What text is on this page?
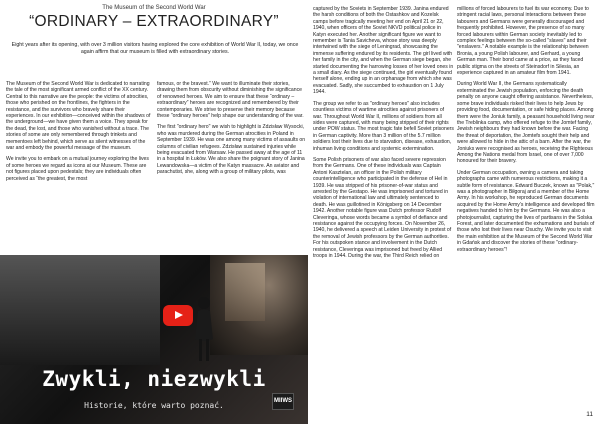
The Museum of the Second World War
“ORDINARY – EXTRAORDINARY”
Eight years after its opening, with over 3 million visitors having explored the core exhibition of World War II, today, we once again affirm that our museum is filled with extraordinary stories.

The Museum of the Second World War is dedicated to narrating the tale of the most significant armed conflict of the XX century. Central to this narrative are the people: the victims of atrocities, those who perished on the frontlines, the fighters in the resistance, and the survivors who bravely share their experiences. In our exhibition—conceived within the shadows of the underground—we have given them a voice. They speak for the dead, the lost, and those who vanished without a trace. The stories of some are only remembered through trinkets and mementoes left behind, which serve as silent witnesses of the war and embody the powerful message of the museum.

We invite you to embark on a mutual journey exploring the lives of some heroes we regard as icons at our Museum. These are not figures placed upon pedestals; they are individuals often perceived as “the greatest, the most

famous, or the bravest.” We want to illuminate their stories, drawing them from obscurity without diminishing the significance of renowned heroes. We aim to ensure that these “ordinary – extraordinary” heroes are recognized and remembered by their contemporaries. We strive to preserve their memory because these "ordinary heroes" help shape our understanding of the war.

The first "ordinary hero" we wish to highlight is Zdzisław Wysocki, who was murdered during the German atrocities in Poland in September 1939. He was one among many victims of assaults on columns of civilian refugees. Zdzisław sustained injuries while being evacuated from Warsaw. He passed away at the age of 11 in a hospital in Łuków. We also share the poignant story of Janina Lewandowska—a victim of the Katyn massacre. An aviator and parachutist, she, along with a group of military pilots, was

captured by the Soviets in September 1939. Janina endured the harsh conditions of both the Ostashkov and Kozelsk camps before tragically meeting her end on April 21 or 22, 1940, when officers of the Soviet NKVD political police in Katyn executed her. Another significant figure we want to remember is Tania Savicheva, whose story was deeply intertwined with the siege of Leningrad, showcasing the immense suffering endured by its residents. The girl lived with her family in the city, and when the German siege began, she started documenting the harrowing losses of her loved ones in a small diary. As the siege continued, the girl eventually found herself alone, ending up in an orphanage from which she was evacuated. Sadly, she succumbed to exhaustion on 1 July 1944.

The group we refer to as "ordinary heroes" also includes countless victims of wartime atrocities against prisoners of war. Throughout World War II, millions of soldiers from all sides were captured, with many being stripped of their rights under POW status. The most tragic fate befell Soviet prisoners in German captivity. More than 3 million of the 5.7 million soldiers lost their lives due to starvation, disease, exhaustion, inhuman living conditions and systemic extermination.

Some Polish prisoners of war also faced severe repression from the Germans. One of these individuals was Captain Antoni Kasztelan, an officer in the Polish military counterintelligence who participated in the defense of Hel in 1939. He was stripped of his prisoner-of-war status and arrested by the Gestapo. He was imprisoned and tortured in violation of international law and ultimately sentenced to death. He was guillotined in Königsberg on 14 December 1942. Another notable figure was Dutch professor Rudolf Cleveringa, whose words became a symbol of defiance and resistance against the occupying forces. On November 26, 1940, he delivered a speech at Leiden University in protest of the removal of Jewish professors by the German authorities. For his outspoken stance and involvement in the Dutch resistance, Cleveringa was imprisoned but freed by Allied troops in 1944. During the war, the Third Reich relied on

millions of forced labourers to fuel its war economy. Due to stringent racial laws, personal interactions between these labourers and Germans were generally discouraged and frequently prohibited. However, the presence of so many forced labourers within German society inevitably led to complex feelings between the so-called "slaves" and their "enslavers." A notable example is the relationship between Bronia, a young Polish labourer, and Gerhard, a young German man. Their bond came at a price, as they faced public stigma on the streets of Steinsdorf in Silesia, an experience captured in an amateur film from 1941.

During World War II, the Germans systematically exterminated the Jewish population, enforcing the death penalty on anyone caught offering assistance. Nevertheless, some brave individuals risked their lives to help Jews by providing food, documentation, or safe hiding places. Among them were the Joniuk family, a peasant household living near the Treblinka camp, who offered refuge to the Jomtef family, Jewish neighbours they had known before the war. Facing the threat of deportation, the Jomtefs sought their help and were allowed to hide in the attic of a barn. After the war, the Joniuks were recognised as heroes, receiving the Righteous Among the Nations medal from Israel, one of over 7,000 honoured for their bravery.

Under German occupation, owning a camera and taking photographs came with numerous restrictions, making it a subtle form of resistance. Edward Buczek, known as "Polak," was a photographer in Biłgoraj and a member of the Home Army. In his workshop, he reproduced German documents acquired by the Home Army's intelligence and developed film negatives handed to him by the Germans. He was also a photojournalist, capturing the lives of partisans in the Solska Forest, and later documented the exhumations and burials of those who lost their lives near Osuchy. We invite you to visit the main exhibition at the Museum of the Second World War in Gdańsk and discover the stories of these "ordinary-extraordinary heroes"!

Zwykli, niezwykli
Historie, które warto poznać.	MIIWS
11
